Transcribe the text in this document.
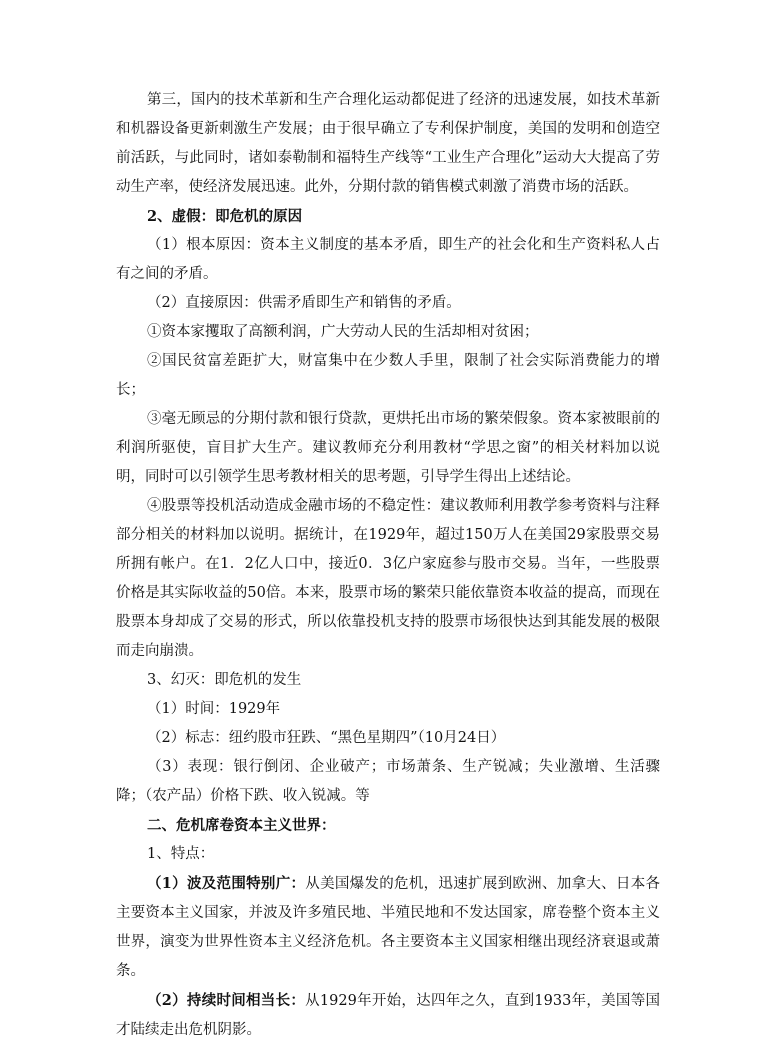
第三，国内的技术革新和生产合理化运动都促进了经济的迅速发展，如技术革新和机器设备更新刺激生产发展；由于很早确立了专利保护制度，美国的发明和创造空前活跃，与此同时，诸如泰勒制和福特生产线等“工业生产合理化”运动大大提高了劳动生产率，使经济发展迅速。此外，分期付款的销售模式刺激了消费市场的活跃。

2、虚假：即危机的原因

（1）根本原因：资本主义制度的基本矛盾，即生产的社会化和生产资料私人占有之间的矛盾。

（2）直接原因：供需矛盾即生产和销售的矛盾。

①资本家攫取了高额利润，广大劳动人民的生活却相对贫困；

②国民贫富差距扩大，财富集中在少数人手里，限制了社会实际消费能力的增长；

③毫无顾忌的分期付款和银行贷款，更烘托出市场的繁荣假象。资本家被眼前的利润所驱使，盲目扩大生产。建议教师充分利用教材“学思之窗”的相关材料加以说明，同时可以引领学生思考教材相关的思考题，引导学生得出上述结论。

④股票等投机活动造成金融市场的不稳定性：建议教师利用教学参考资料与注释部分相关的材料加以说明。据统计，在1929年，超过150万人在美国29家股票交易所拥有帐户。在1．2亿人口中，接近0．3亿户家庭参与股市交易。当年，一些股票价格是其实际收益的50倍。本来，股票市场的繁荣只能依靠资本收益的提高，而现在股票本身却成了交易的形式，所以依靠投机支持的股票市场很快达到其能发展的极限而走向崩溃。

3、幻灭：即危机的发生

（1）时间：1929年

（2）标志：纽约股市狂跌、“黑色星期四”（10月24日）

（3）表现：银行倒闭、企业破产；市场萧条、生产锐减；失业激增、生活骤降；（农产品）价格下跌、收入锐减。等

二、危机席卷资本主义世界：

1、特点：

（1）波及范围特别广：从美国爆发的危机，迅速扩展到欧洲、加拿大、日本各主要资本主义国家，并波及许多殖民地、半殖民地和不发达国家，席卷整个资本主义世界，演变为世界性资本主义经济危机。各主要资本主义国家相继出现经济衰退或萧条。

（2）持续时间相当长：从1929年开始，达四年之久，直到1933年，美国等国才陆续走出危机阴影。
